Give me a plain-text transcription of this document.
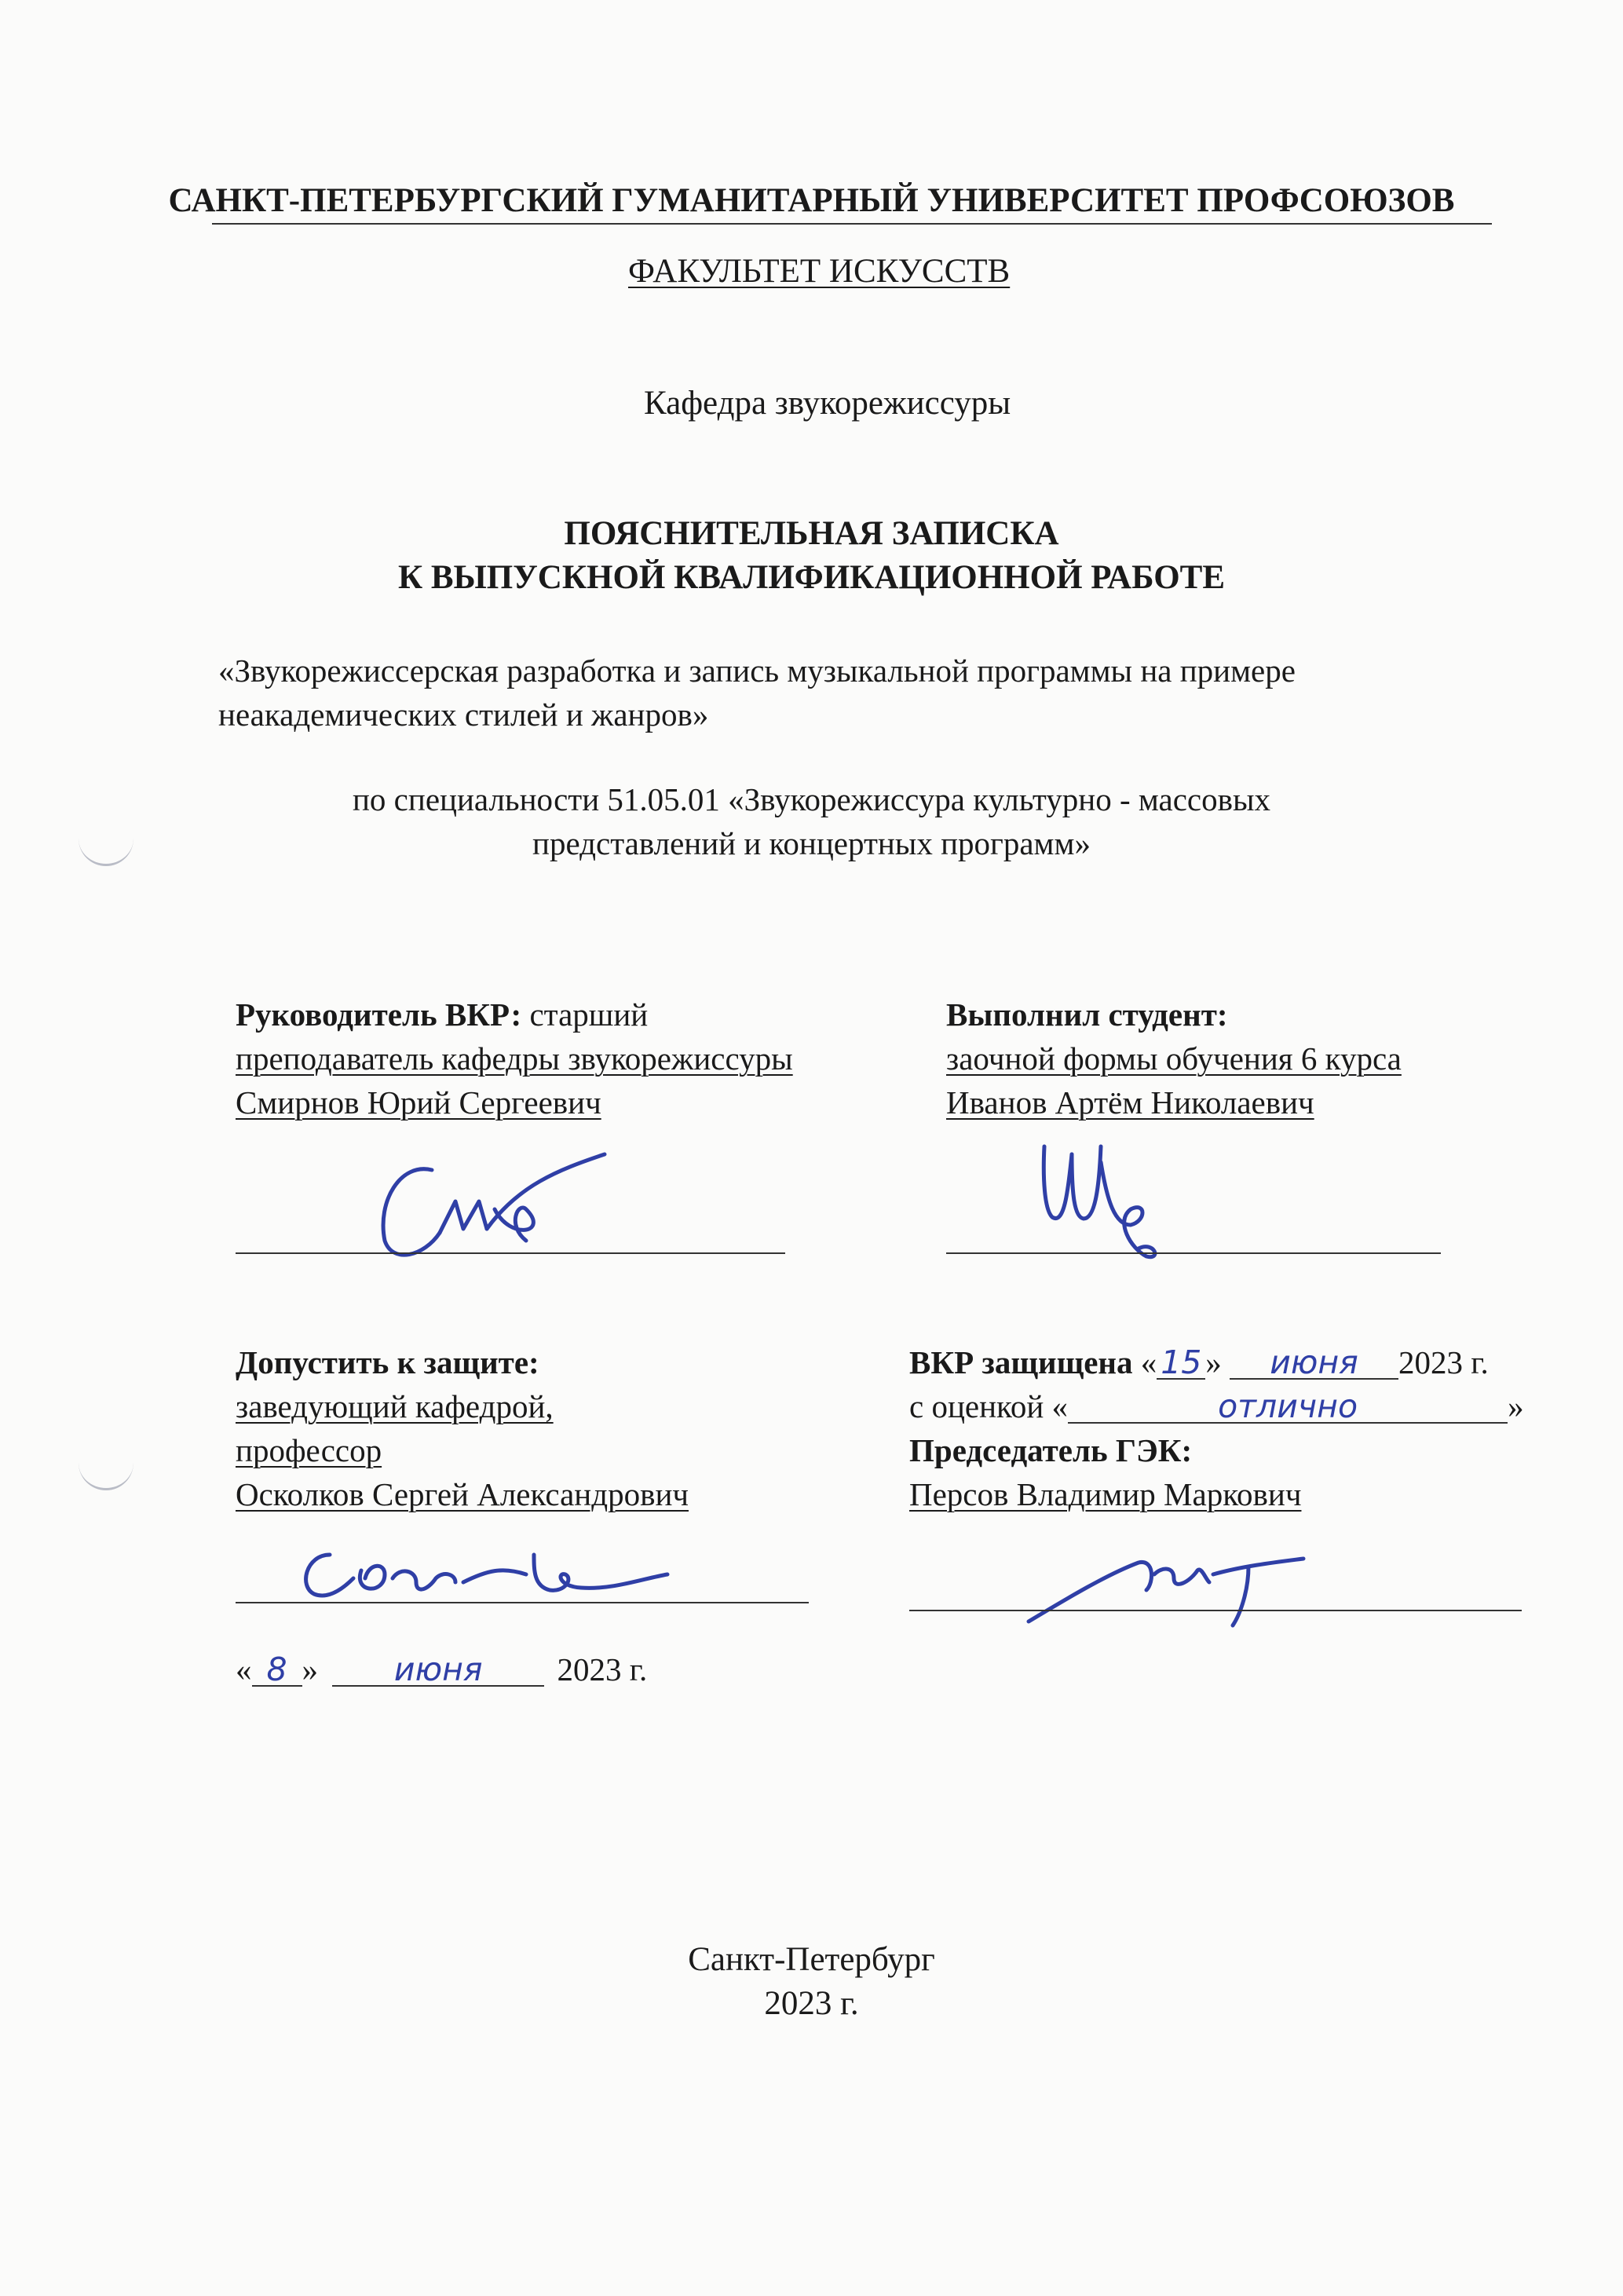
САНКТ-ПЕТЕРБУРГСКИЙ ГУМАНИТАРНЫЙ УНИВЕРСИТЕТ ПРОФСОЮЗОВ
ФАКУЛЬТЕТ ИСКУССТВ
Кафедра звукорежиссуры
ПОЯСНИТЕЛЬНАЯ ЗАПИСКА
К ВЫПУСКНОЙ КВАЛИФИКАЦИОННОЙ РАБОТЕ
«Звукорежиссерская разработка и запись музыкальной программы на примере
неакадемических стилей и жанров»
по специальности 51.05.01 «Звукорежиссура культурно - массовых
представлений и концертных программ»
Руководитель ВКР: старший
преподаватель кафедры звукорежиссуры
Смирнов Юрий Сергеевич
Выполнил студент:
заочной формы обучения 6 курса
Иванов Артём Николаевич
Допустить к защите:
заведующий кафедрой,
профессор
Осколков Сергей Александрович
« 8 » июня 2023 г.
ВКР защищена « 15 » июня 2023 г.
с оценкой «	отлично	»
Председатель ГЭК:
Персов Владимир Маркович
Санкт-Петербург
2023 г.
